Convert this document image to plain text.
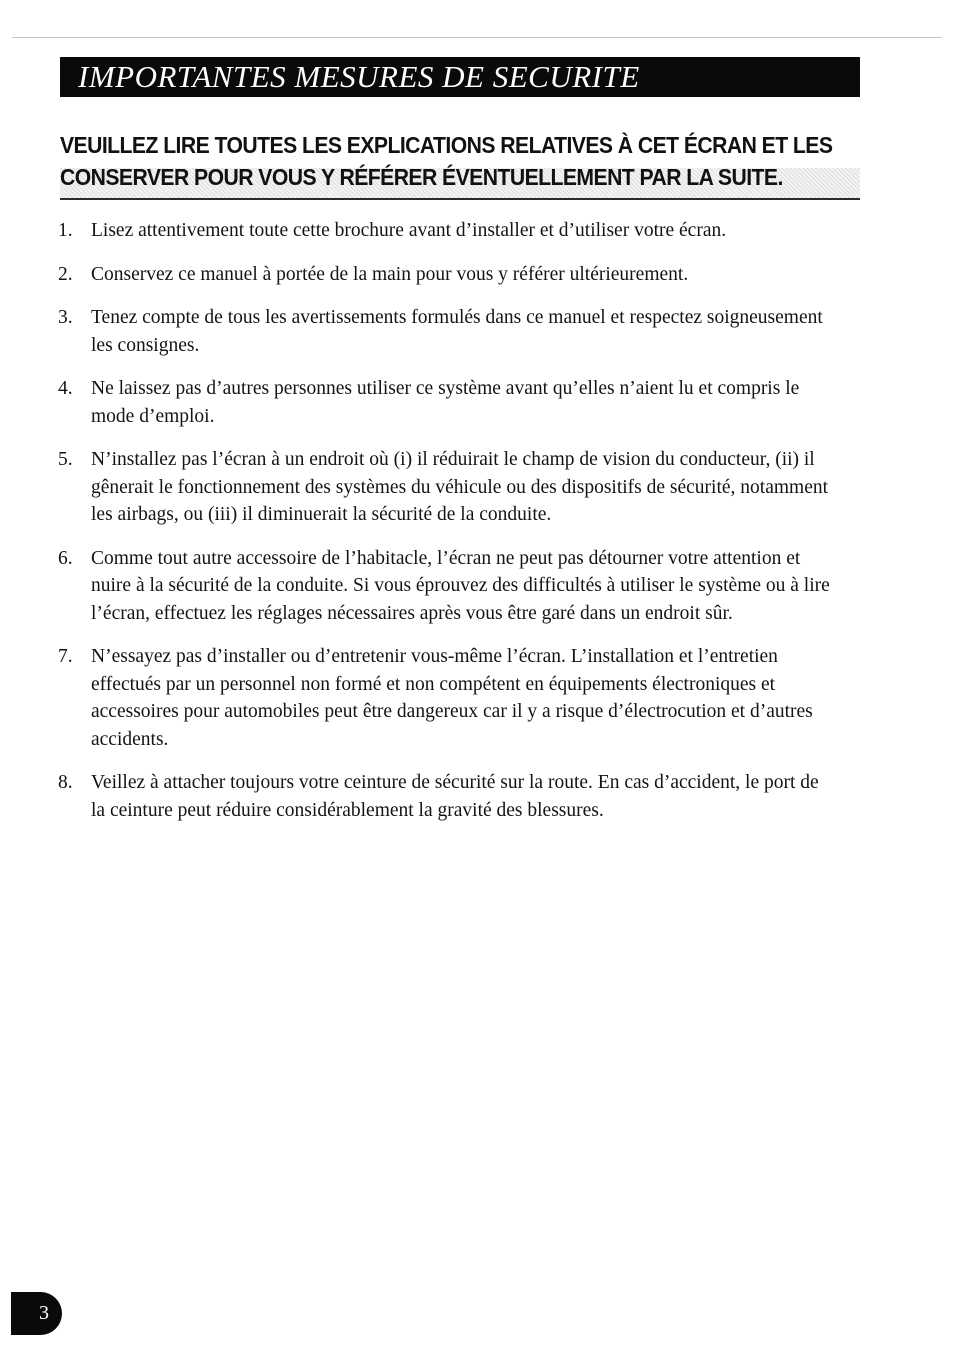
IMPORTANTES MESURES DE SECURITE
VEUILLEZ LIRE TOUTES LES EXPLICATIONS RELATIVES À CET ÉCRAN ET LES
CONSERVER POUR VOUS Y RÉFÉRER ÉVENTUELLEMENT PAR LA SUITE.
1. Lisez attentivement toute cette brochure avant d’installer et d’utiliser votre écran.
2. Conservez ce manuel à portée de la main pour vous y référer ultérieurement.
3. Tenez compte de tous les avertissements formulés dans ce manuel et respectez soigneusement les consignes.
4. Ne laissez pas d’autres personnes utiliser ce système avant qu’elles n’aient lu et compris le mode d’emploi.
5. N’installez pas l’écran à un endroit où (i) il réduirait le champ de vision du conducteur, (ii) il gênerait le fonctionnement des systèmes du véhicule ou des dispositifs de sécurité, notamment les airbags, ou (iii) il diminuerait la sécurité de la conduite.
6. Comme tout autre accessoire de l’habitacle, l’écran ne peut pas détourner votre attention et nuire à la sécurité de la conduite. Si vous éprouvez des difficultés à utiliser le système ou à lire l’écran, effectuez les réglages nécessaires après vous être garé dans un endroit sûr.
7. N’essayez pas d’installer ou d’entretenir vous-même l’écran. L’installation et l’entretien effectués par un personnel non formé et non compétent en équipements électroniques et accessoires pour automobiles peut être dangereux car il y a risque d’électrocution et d’autres accidents.
8. Veillez à attacher toujours votre ceinture de sécurité sur la route. En cas d’accident, le port de la ceinture peut réduire considérablement la gravité des blessures.
3
